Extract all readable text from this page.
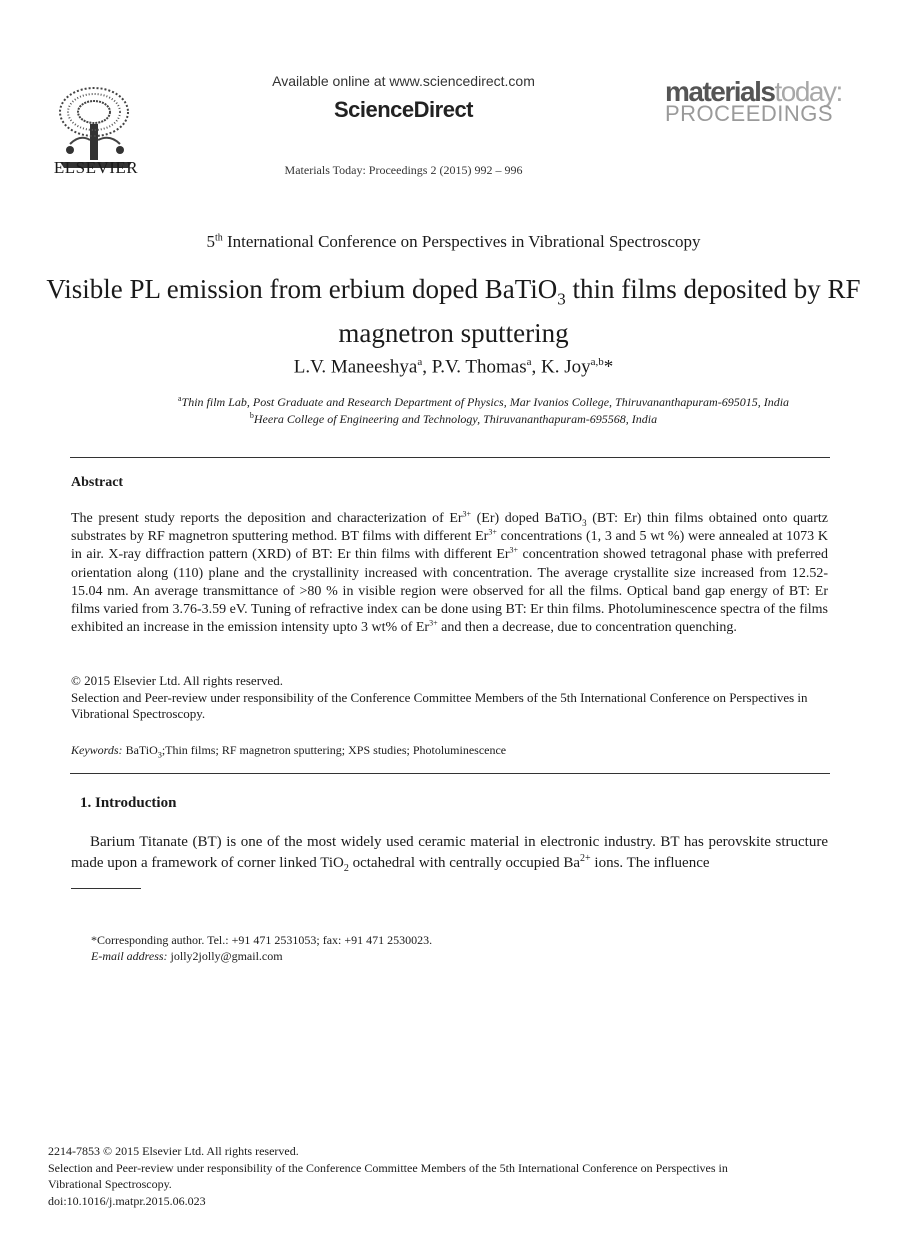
ELSEVIER
Available online at www.sciencedirect.com
ScienceDirect
Materials Today: Proceedings 2 (2015) 992 – 996
materialstoday:
PROCEEDINGS
5th International Conference on Perspectives in Vibrational Spectroscopy
Visible PL emission from erbium doped BaTiO$_3$ thin films deposited by RF magnetron sputtering
L.V. Maneeshya$^a$, P.V. Thomas$^a$, K. Joy$^{a,b}$*
$^a$Thin film Lab, Post Graduate and Research Department of Physics, Mar Ivanios College, Thiruvananthapuram-695015, India
$^b$Heera College of Engineering and Technology, Thiruvananthapuram-695568, India
Abstract
The present study reports the deposition and characterization of $Er^{3+}$ (Er) doped BaTiO$_3$ (BT: Er) thin films obtained onto quartz substrates by RF magnetron sputtering method. BT films with different $Er^{3+}$ concentrations (1, 3 and 5 wt %) were annealed at 1073 K in air. X-ray diffraction pattern (XRD) of BT: Er thin films with different $Er^{3+}$ concentration showed tetragonal phase with preferred orientation along (110) plane and the crystallinity increased with concentration. The average crystallite size increased from 12.52-15.04 nm. An average transmittance of >80 % in visible region were observed for all the films. Optical band gap energy of BT: Er films varied from 3.76-3.59 eV. Tuning of refractive index can be done using BT: Er thin films. Photoluminescence spectra of the films exhibited an increase in the emission intensity upto 3 wt% of $Er^{3+}$ and then a decrease, due to concentration quenching.
© 2015 Elsevier Ltd. All rights reserved.
Selection and Peer-review under responsibility of the Conference Committee Members of the 5th International Conference on Perspectives in Vibrational Spectroscopy.
Keywords: BaTiO$_3$;Thin films; RF magnetron sputtering; XPS studies; Photoluminescence
1. Introduction
Barium Titanate (BT) is one of the most widely used ceramic material in electronic industry. BT has perovskite structure made upon a framework of corner linked TiO$_2$ octahedral with centrally occupied $Ba^{2+}$ ions. The influence
*Corresponding author. Tel.: +91 471 2531053; fax: +91 471 2530023.
E-mail address: jolly2jolly@gmail.com
2214-7853 © 2015 Elsevier Ltd. All rights reserved.
Selection and Peer-review under responsibility of the Conference Committee Members of the 5th International Conference on Perspectives in Vibrational Spectroscopy.
doi:10.1016/j.matpr.2015.06.023
